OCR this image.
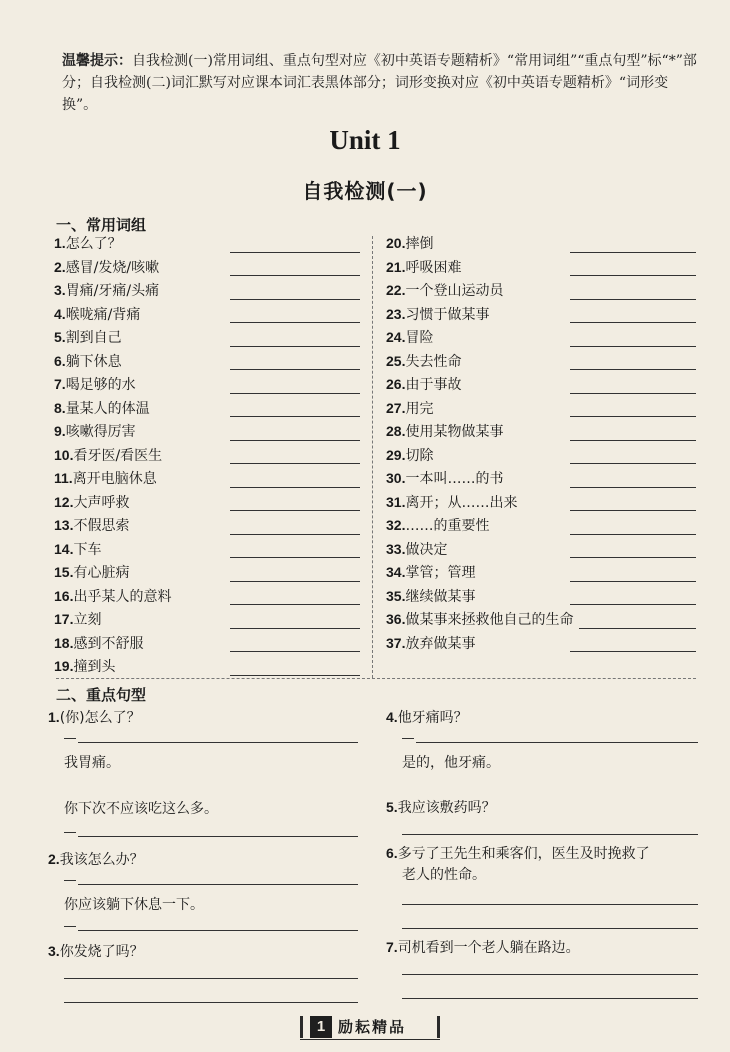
温馨提示：自我检测(一)常用词组、重点句型对应《初中英语专题精析》“常用词组”“重点句型”标“*”部分；自我检测(二)词汇默写对应课本词汇表黑体部分；词形变换对应《初中英语专题精析》“词形变换”。
Unit 1
自我检测(一)
一、常用词组
1.怎么了？
2.感冒/发烧/咳嗽
3.胃痛/牙痛/头痛
4.喉咙痛/背痛
5.割到自己
6.躺下休息
7.喝足够的水
8.量某人的体温
9.咳嗽得厉害
10.看牙医/看医生
11.离开电脑休息
12.大声呼救
13.不假思索
14.下车
15.有心脏病
16.出乎某人的意料
17.立刻
18.感到不舒服
19.撞到头
20.摔倒
21.呼吸困难
22.一个登山运动员
23.习惯于做某事
24.冒险
25.失去性命
26.由于事故
27.用完
28.使用某物做某事
29.切除
30.一本叫……的书
31.离开；从……出来
32.……的重要性
33.做决定
34.掌管；管理
35.继续做某事
36.做某事来拯救他自己的生命
37.放弃做某事
二、重点句型
1.(你)怎么了？
我胃痛。
你下次不应该吃这么多。
2.我该怎么办？
你应该躺下休息一下。
3.你发烧了吗？
4.他牙痛吗？
是的，他牙痛。
5.我应该敷药吗？
6.多亏了王先生和乘客们，医生及时挽救了
老人的性命。
7.司机看到一个老人躺在路边。
1 励耘精品
